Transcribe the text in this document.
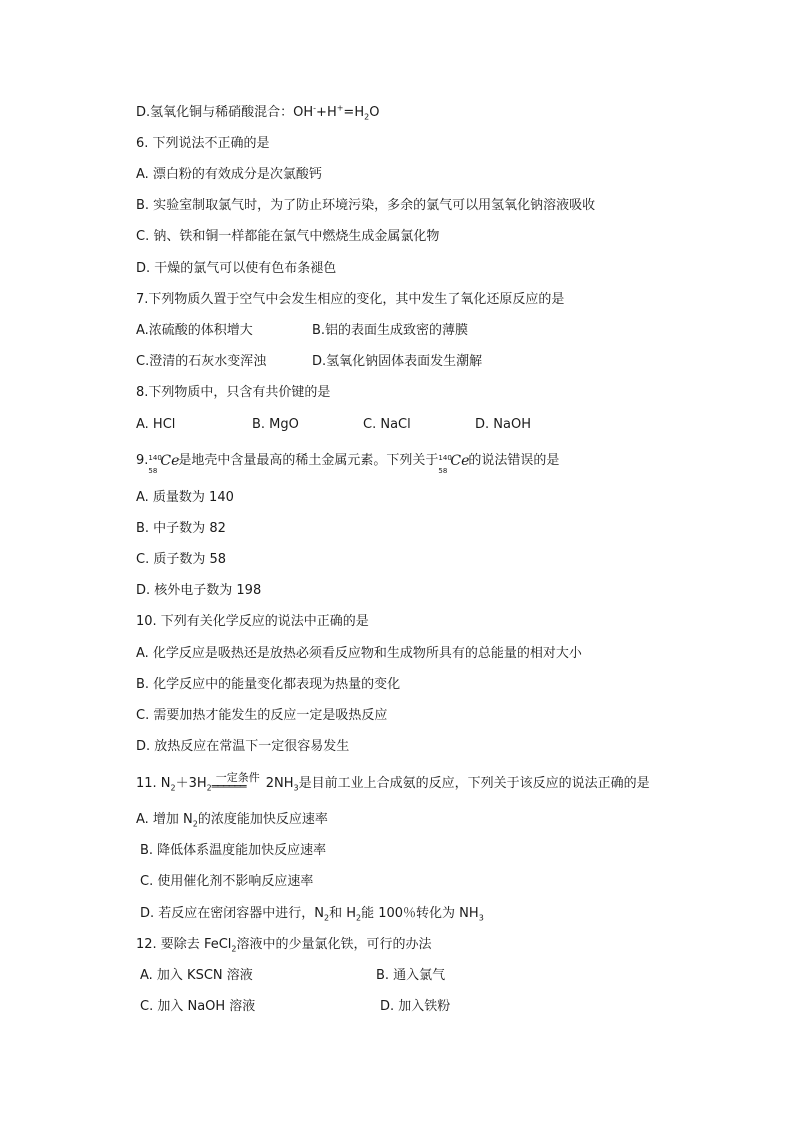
D.氢氧化铜与稀硝酸混合：$OH^-+H^+=H_2O$
6. 下列说法不正确的是
A. 漂白粉的有效成分是次氯酸钙
B. 实验室制取氯气时，为了防止环境污染，多余的氯气可以用氢氧化钠溶液吸收
C. 钠、铁和铜一样都能在氯气中燃烧生成金属氯化物
D. 干燥的氯气可以使有色布条褪色
7.下列物质久置于空气中会发生相应的变化，其中发生了氧化还原反应的是
A.浓硫酸的体积增大	B.铝的表面生成致密的薄膜
C.澄清的石灰水变浑浊	D.氢氧化钠固体表面发生潮解
8.下列物质中，只含有共价键的是
A. HCl	B. MgO	C. NaCl	D. NaOH
9. 140
58
Ce 是地壳中含量最高的稀土金属元素。下列关于 140
58
Ce 的说法错误的是
A. 质量数为 140
B. 中子数为 82
C. 质子数为 58
D. 核外电子数为 198
10. 下列有关化学反应的说法中正确的是
A. 化学反应是吸热还是放热必须看反应物和生成物所具有的总能量的相对大小
B. 化学反应中的能量变化都表现为热量的变化
C. 需要加热才能发生的反应一定是吸热反应
D. 放热反应在常温下一定很容易发生
11. $N_2+3H_2$
一定条件
══════	$2NH_3$是目前工业上合成氨的反应，下列关于该反应的说法正确的是
A. 增加 $N_2$的浓度能加快反应速率
B. 降低体系温度能加快反应速率
C. 使用催化剂不影响反应速率
D. 若反应在密闭容器中进行，$N_2$和 $H_2$能 100％转化为 $NH_3$
12. 要除去 FeCl$_2$溶液中的少量氯化铁，可行的办法
A. 加入 KSCN 溶液	B. 通入氯气
C. 加入 NaOH 溶液	D. 加入铁粉
